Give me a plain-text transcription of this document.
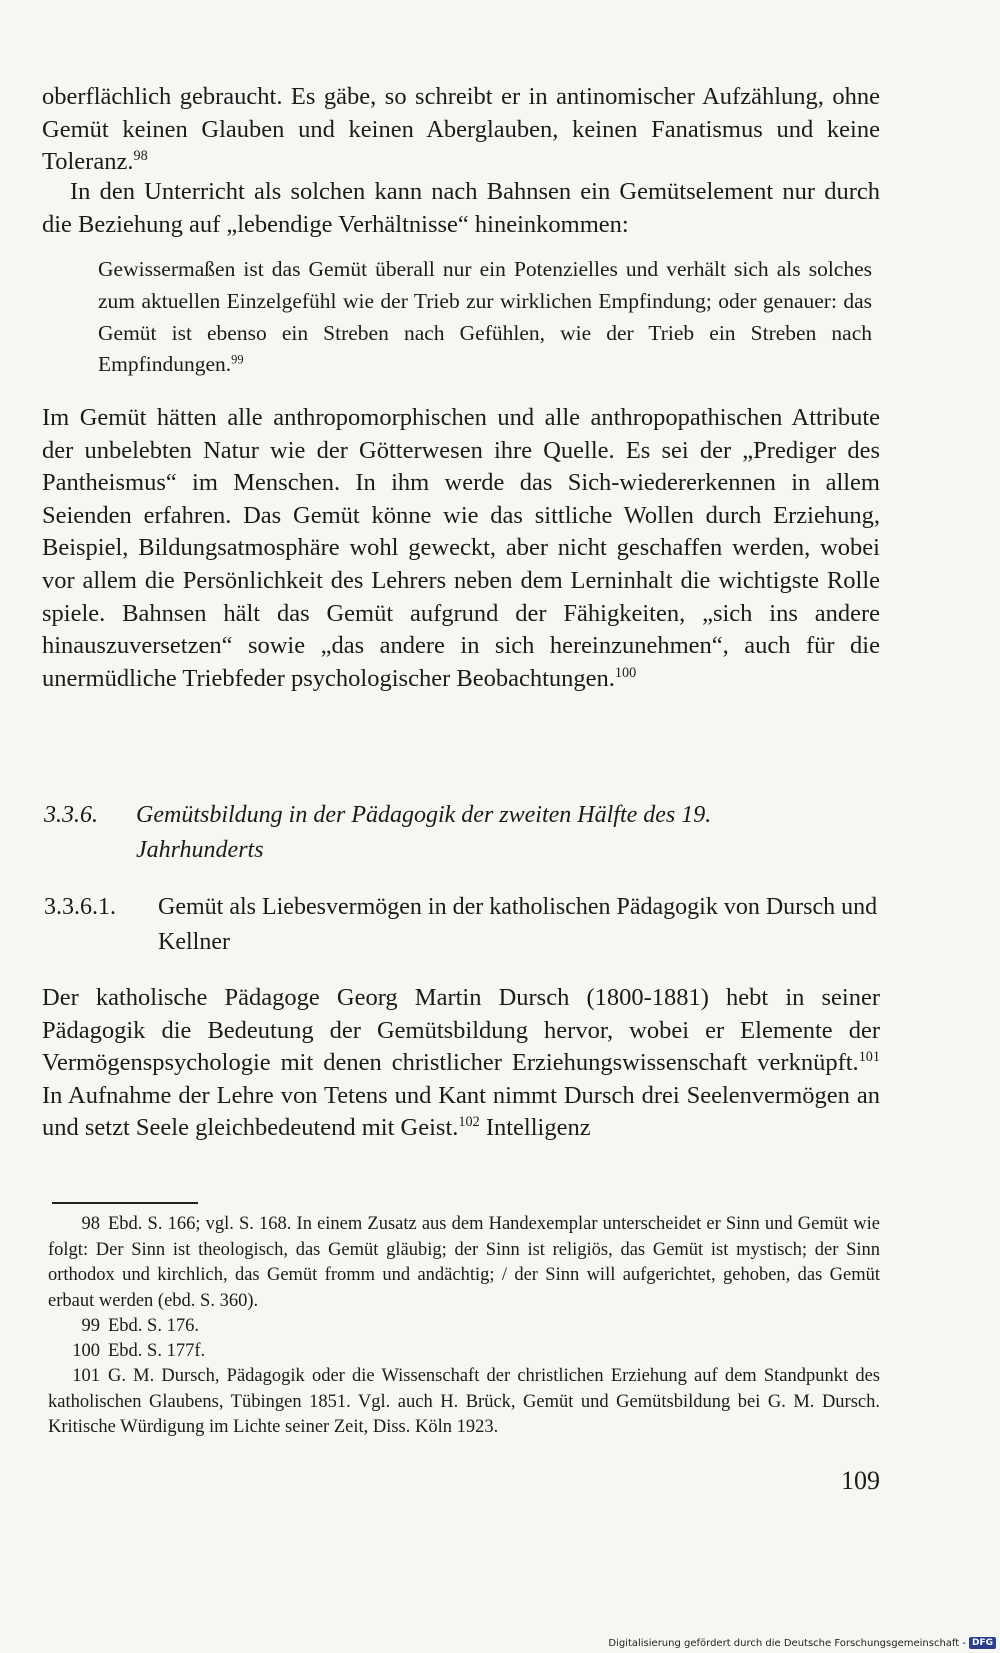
oberflächlich gebraucht. Es gäbe, so schreibt er in antinomischer Aufzählung, ohne Gemüt keinen Glauben und keinen Aberglauben, keinen Fanatismus und keine Toleranz.$^{98}$

In den Unterricht als solchen kann nach Bahnsen ein Gemütselement nur durch die Beziehung auf „lebendige Verhältnisse“ hineinkommen:

Gewissermaßen ist das Gemüt überall nur ein Potenzielles und verhält sich als solches zum aktuellen Einzelgefühl wie der Trieb zur wirklichen Empfindung; oder genauer: das Gemüt ist ebenso ein Streben nach Gefühlen, wie der Trieb ein Streben nach Empfindungen.$^{99}$

Im Gemüt hätten alle anthropomorphischen und alle anthropopathischen Attribute der unbelebten Natur wie der Götterwesen ihre Quelle. Es sei der „Prediger des Pantheismus“ im Menschen. In ihm werde das Sich-wiedererkennen in allem Seienden erfahren. Das Gemüt könne wie das sittliche Wollen durch Erziehung, Beispiel, Bildungsatmosphäre wohl geweckt, aber nicht geschaffen werden, wobei vor allem die Persönlichkeit des Lehrers neben dem Lerninhalt die wichtigste Rolle spiele. Bahnsen hält das Gemüt aufgrund der Fähigkeiten, „sich ins andere hinauszuversetzen“ sowie „das andere in sich hereinzunehmen“, auch für die unermüdliche Triebfeder psychologischer Beobachtungen.$^{100}$

3.3.6. Gemütsbildung in der Pädagogik der zweiten Hälfte des 19. Jahrhunderts
3.3.6.1. Gemüt als Liebesvermögen in der katholischen Pädagogik von Dursch und Kellner

Der katholische Pädagoge Georg Martin Dursch (1800-1881) hebt in seiner Pädagogik die Bedeutung der Gemütsbildung hervor, wobei er Elemente der Vermögenspsychologie mit denen christlicher Erziehungswissenschaft verknüpft.$^{101}$ In Aufnahme der Lehre von Tetens und Kant nimmt Dursch drei Seelenvermögen an und setzt Seele gleichbedeutend mit Geist.$^{102}$ Intelligenz

98 Ebd. S. 166; vgl. S. 168. In einem Zusatz aus dem Handexemplar unterscheidet er Sinn und Gemüt wie folgt: Der Sinn ist theologisch, das Gemüt gläubig; der Sinn ist religiös, das Gemüt ist mystisch; der Sinn orthodox und kirchlich, das Gemüt fromm und andächtig; / der Sinn will aufgerichtet, gehoben, das Gemüt erbaut werden (ebd. S. 360).
99 Ebd. S. 176.
100 Ebd. S. 177f.
101 G. M. Dursch, Pädagogik oder die Wissenschaft der christlichen Erziehung auf dem Standpunkt des katholischen Glaubens, Tübingen 1851. Vgl. auch H. Brück, Gemüt und Gemütsbildung bei G. M. Dursch. Kritische Würdigung im Lichte seiner Zeit, Diss. Köln 1923.
109
Digitalisierung gefördert durch die Deutsche Forschungsgemeinschaft - DFG
